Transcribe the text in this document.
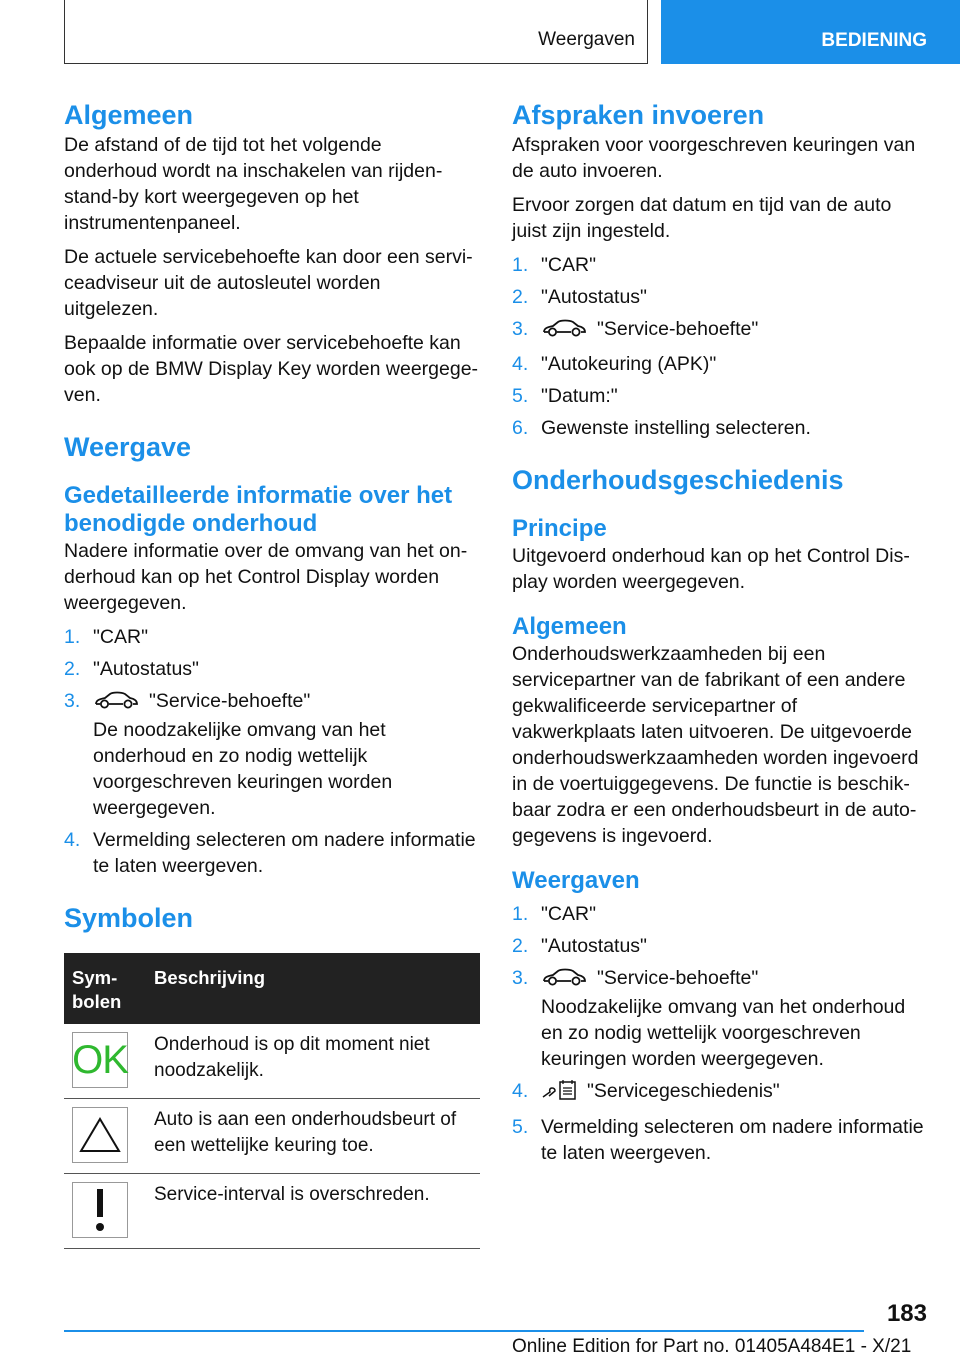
Weergaven	BEDIENING
Algemeen

De afstand of de tijd tot het volgende onderhoud wordt na inschakelen van rijden-stand-by kort weergegeven op het instrumentenpaneel.

De actuele servicebehoefte kan door een serviceadviseur uit de autosleutel worden uitgelezen.

Bepaalde informatie over servicebehoefte kan ook op de BMW Display Key worden weergegeven.

Weergave
Gedetailleerde informatie over het benodigde onderhoud

Nadere informatie over de omvang van het onderhoud kan op het Control Display worden weergegeven.

1. "CAR"
2. "Autostatus"
3.	"Service-behoefte"
De noodzakelijke omvang van het onderhoud en zo nodig wettelijk voorgeschreven keuringen worden weergegeven.
4. Vermelding selecteren om nadere informatie te laten weergeven.
Symbolen
Symbolen	Beschrijving

OK	Onderhoud is op dit moment niet noodzakelijk.

	Auto is aan een onderhoudsbeurt of een wettelijke keuring toe.

	Service-interval is overschreden.
Afspraken invoeren

Afspraken voor voorgeschreven keuringen van de auto invoeren.

Ervoor zorgen dat datum en tijd van de auto juist zijn ingesteld.

1. "CAR"
2. "Autostatus"
3.	"Service-behoefte"
4. "Autokeuring (APK)"
5. "Datum:"
6. Gewenste instelling selecteren.
Onderhoudsgeschiedenis
Principe

Uitgevoerd onderhoud kan op het Control Display worden weergegeven.

Algemeen

Onderhoudswerkzaamheden bij een servicepartner van de fabrikant of een andere gekwalificeerde servicepartner of vakwerkplaats laten uitvoeren. De uitgevoerde onderhoudswerkzaamheden worden ingevoerd in de voertuiggegevens. De functie is beschikbaar zodra er een onderhoudsbeurt in de autogegevens is ingevoerd.

Weergaven
1. "CAR"
2. "Autostatus"
3.	"Service-behoefte"
Noodzakelijke omvang van het onderhoud en zo nodig wettelijk voorgeschreven keuringen worden weergegeven.
4.	"Servicegeschiedenis"
5. Vermelding selecteren om nadere informatie te laten weergeven.
183
Online Edition for Part no. 01405A484E1 - X/21
